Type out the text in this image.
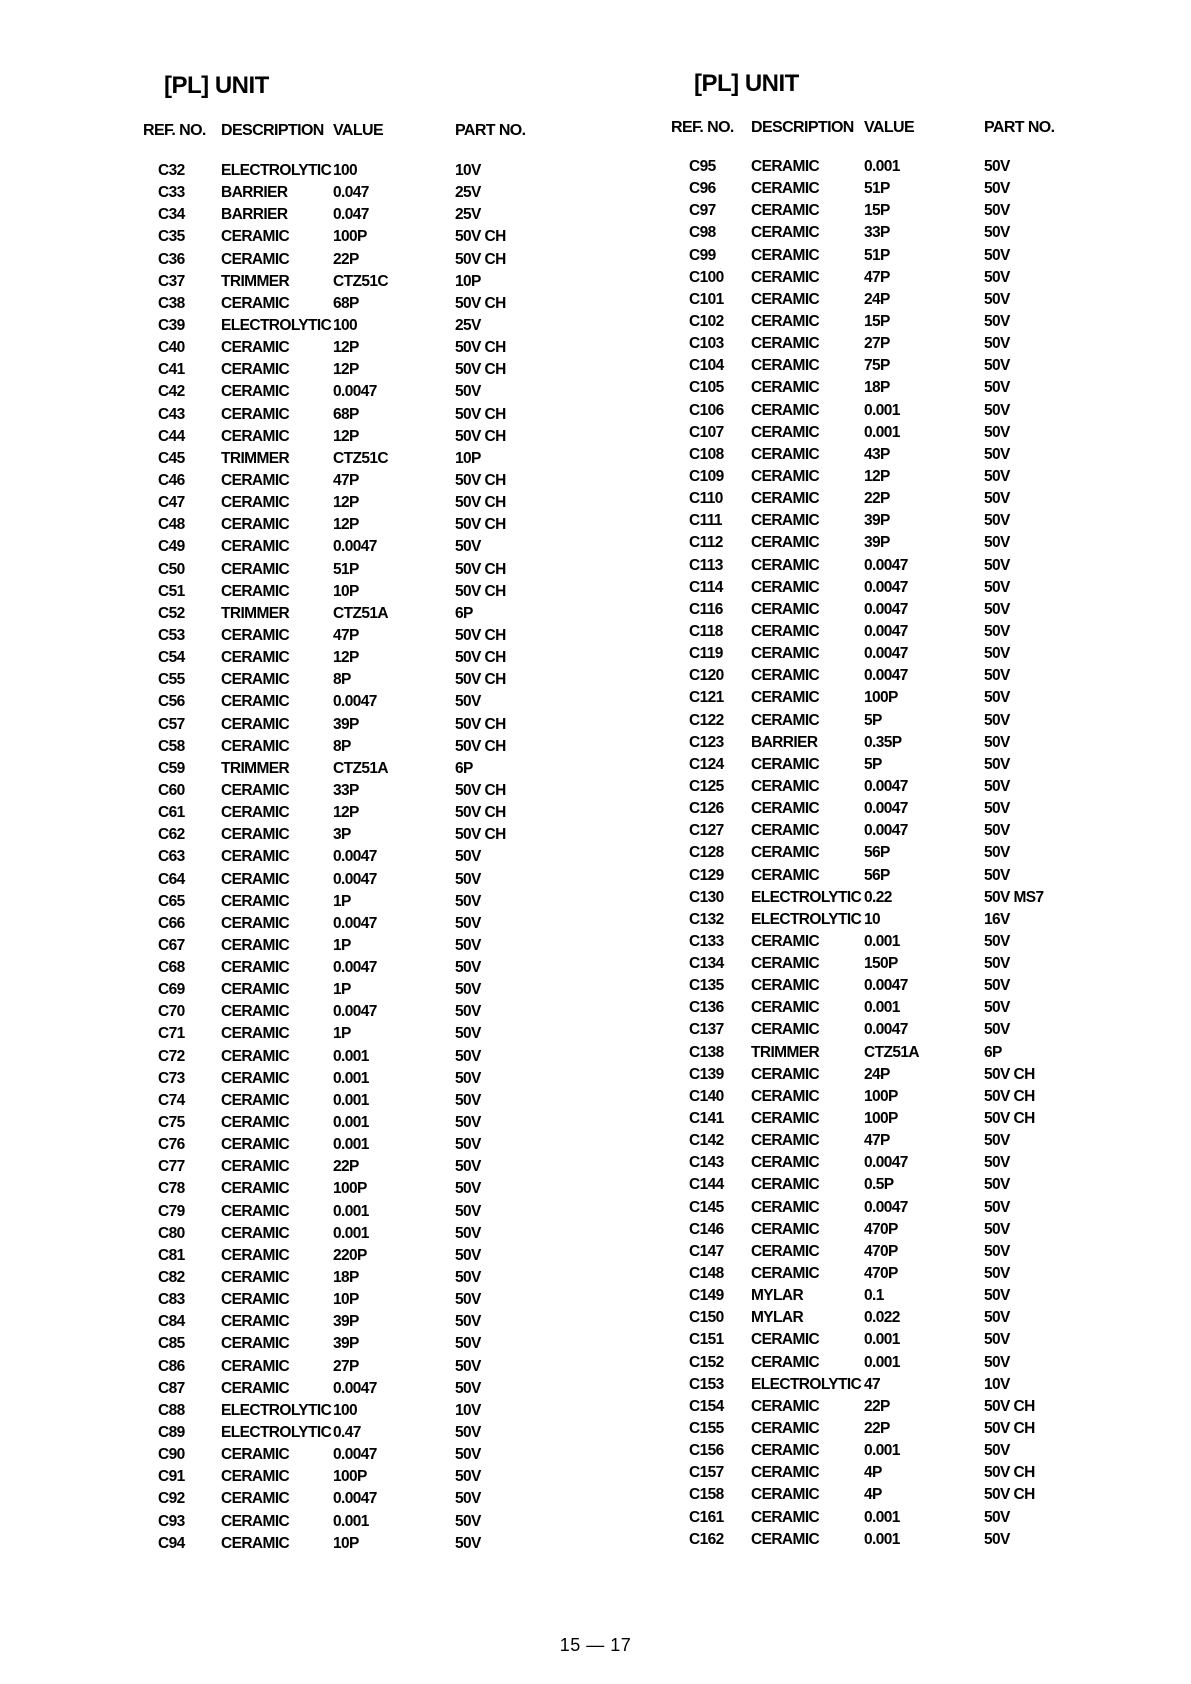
[PL] UNIT
REF. NO. DESCRIPTION VALUE	PART NO.
C32 ELECTROLYTIC 100	10V
C33 BARRIER	0.047	25V
C34 BARRIER	0.047	25V
C35 CERAMIC	100P	50V CH
C36 CERAMIC	22P	50V CH
C37 TRIMMER	CTZ51C	10P
C38 CERAMIC	68P	50V CH
C39 ELECTROLYTIC 100	25V
C40 CERAMIC	12P	50V CH
C41 CERAMIC	12P	50V CH
C42 CERAMIC	0.0047	50V
C43 CERAMIC	68P	50V CH
C44 CERAMIC	12P	50V CH
C45 TRIMMER	CTZ51C	10P
C46 CERAMIC	47P	50V CH
C47 CERAMIC	12P	50V CH
C48 CERAMIC	12P	50V CH
C49 CERAMIC	0.0047	50V
C50 CERAMIC	51P	50V CH
C51 CERAMIC	10P	50V CH
C52 TRIMMER	CTZ51A	6P
C53 CERAMIC	47P	50V CH
C54 CERAMIC	12P	50V CH
C55 CERAMIC	8P	50V CH
C56 CERAMIC	0.0047	50V
C57 CERAMIC	39P	50V CH
C58 CERAMIC	8P	50V CH
C59 TRIMMER	CTZ51A	6P
C60 CERAMIC	33P	50V CH
C61 CERAMIC	12P	50V CH
C62 CERAMIC	3P	50V CH
C63 CERAMIC	0.0047	50V
C64 CERAMIC	0.0047	50V
C65 CERAMIC	1P	50V
C66 CERAMIC	0.0047	50V
C67 CERAMIC	1P	50V
C68 CERAMIC	0.0047	50V
C69 CERAMIC	1P	50V
C70 CERAMIC	0.0047	50V
C71 CERAMIC	1P	50V
C72 CERAMIC	0.001	50V
C73 CERAMIC	0.001	50V
C74 CERAMIC	0.001	50V
C75 CERAMIC	0.001	50V
C76 CERAMIC	0.001	50V
C77 CERAMIC	22P	50V
C78 CERAMIC	100P	50V
C79 CERAMIC	0.001	50V
C80 CERAMIC	0.001	50V
C81 CERAMIC	220P	50V
C82 CERAMIC	18P	50V
C83 CERAMIC	10P	50V
C84 CERAMIC	39P	50V
C85 CERAMIC	39P	50V
C86 CERAMIC	27P	50V
C87 CERAMIC	0.0047	50V
C88 ELECTROLYTIC 100	10V
C89 ELECTROLYTIC 0.47	50V
C90 CERAMIC	0.0047	50V
C91 CERAMIC	100P	50V
C92 CERAMIC	0.0047	50V
C93 CERAMIC	0.001	50V
C94 CERAMIC	10P	50V
[PL] UNIT
REF. NO. DESCRIPTION VALUE	PART NO.
C95 CERAMIC	0.001	50V
C96 CERAMIC	51P	50V
C97 CERAMIC	15P	50V
C98 CERAMIC	33P	50V
C99 CERAMIC	51P	50V
C100 CERAMIC	47P	50V
C101 CERAMIC	24P	50V
C102 CERAMIC	15P	50V
C103 CERAMIC	27P	50V
C104 CERAMIC	75P	50V
C105 CERAMIC	18P	50V
C106 CERAMIC	0.001	50V
C107 CERAMIC	0.001	50V
C108 CERAMIC	43P	50V
C109 CERAMIC	12P	50V
C110 CERAMIC	22P	50V
C111 CERAMIC	39P	50V
C112 CERAMIC	39P	50V
C113 CERAMIC	0.0047	50V
C114 CERAMIC	0.0047	50V
C116 CERAMIC	0.0047	50V
C118 CERAMIC	0.0047	50V
C119 CERAMIC	0.0047	50V
C120 CERAMIC	0.0047	50V
C121 CERAMIC	100P	50V
C122 CERAMIC	5P	50V
C123 BARRIER	0.35P	50V
C124 CERAMIC	5P	50V
C125 CERAMIC	0.0047	50V
C126 CERAMIC	0.0047	50V
C127 CERAMIC	0.0047	50V
C128 CERAMIC	56P	50V
C129 CERAMIC	56P	50V
C130 ELECTROLYTIC 0.22	50V MS7
C132 ELECTROLYTIC 10	16V
C133 CERAMIC	0.001	50V
C134 CERAMIC	150P	50V
C135 CERAMIC	0.0047	50V
C136 CERAMIC	0.001	50V
C137 CERAMIC	0.0047	50V
C138 TRIMMER	CTZ51A	6P
C139 CERAMIC	24P	50V CH
C140 CERAMIC	100P	50V CH
C141 CERAMIC	100P	50V CH
C142 CERAMIC	47P	50V
C143 CERAMIC	0.0047	50V
C144 CERAMIC	0.5P	50V
C145 CERAMIC	0.0047	50V
C146 CERAMIC	470P	50V
C147 CERAMIC	470P	50V
C148 CERAMIC	470P	50V
C149 MYLAR	0.1	50V
C150 MYLAR	0.022	50V
C151 CERAMIC	0.001	50V
C152 CERAMIC	0.001	50V
C153 ELECTROLYTIC 47	10V
C154 CERAMIC	22P	50V CH
C155 CERAMIC	22P	50V CH
C156 CERAMIC	0.001	50V
C157 CERAMIC	4P	50V CH
C158 CERAMIC	4P	50V CH
C161 CERAMIC	0.001	50V
C162 CERAMIC	0.001	50V
15 — 17
